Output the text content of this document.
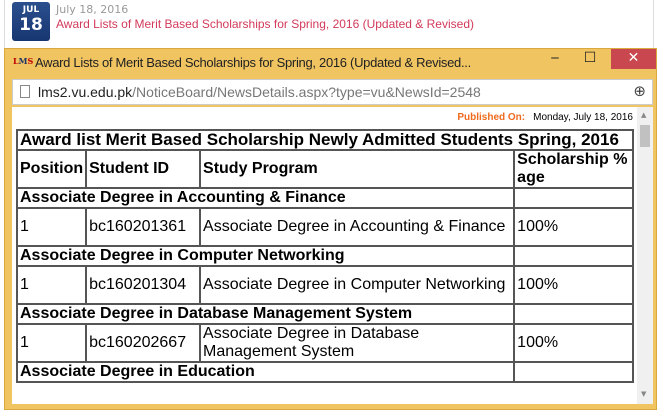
JUL
18
July 18, 2016
Award Lists of Merit Based Scholarships for Spring, 2016 (Updated & Revised)
LMS Award Lists of Merit Based Scholarships for Spring, 2016 (Updated & Revised...	‒	☐	✕
lms2.vu.edu.pk/NoticeBoard/NewsDetails.aspx?type=vu&NewsId=2548	⊕
Published On: Monday, July 18, 2016
Award list Merit Based Scholarship Newly Admitted Students Spring, 2016			
Position	Student ID	Study Program	Scholarship % age
Associate Degree in Accounting & Finance			
1	bc160201361	Associate Degree in Accounting & Finance	100%
Associate Degree in Computer Networking			
1	bc160201304	Associate Degree in Computer Networking	100%
Associate Degree in Database Management System			
1	bc160202667	Associate Degree in Database Management System	100%
Associate Degree in Education			
▲
▼
